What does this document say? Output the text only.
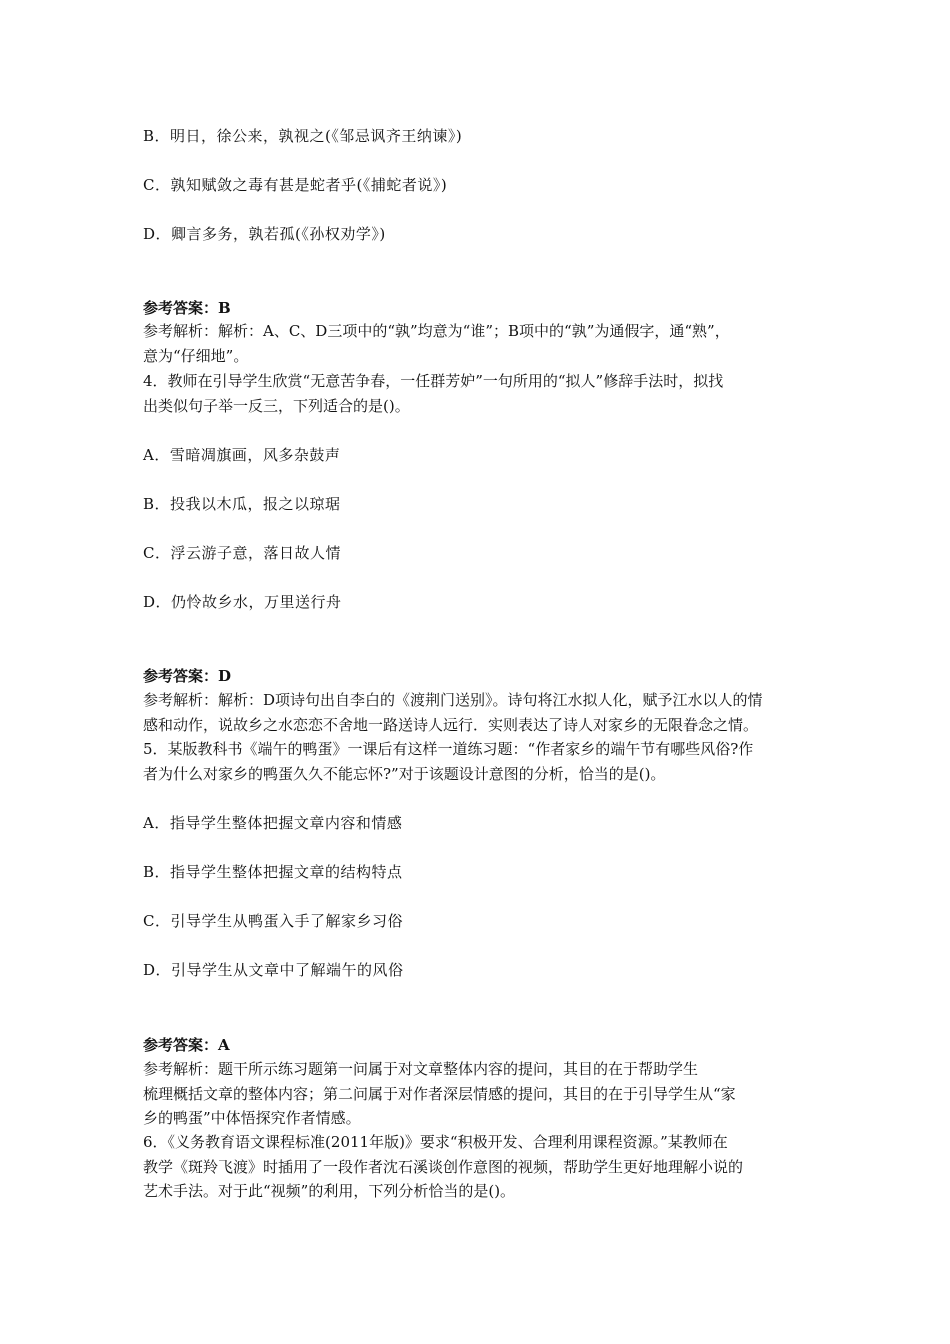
B．明日，徐公来，孰视之(《邹忌讽齐王纳谏》)
C．孰知赋敛之毒有甚是蛇者乎(《捕蛇者说》)
D．卿言多务，孰若孤(《孙权劝学》)
参考答案：B
参考解析：解析：A、C、D三项中的“孰”均意为“谁”；B项中的“孰”为通假字，通“熟”，
意为“仔细地”。
4．教师在引导学生欣赏“无意苦争春，一任群芳妒”一句所用的“拟人”修辞手法时，拟找
出类似句子举一反三，下列适合的是()。
A．雪暗凋旗画，风多杂鼓声
B．投我以木瓜，报之以琼琚
C．浮云游子意，落日故人情
D．仍怜故乡水，万里送行舟
参考答案：D
参考解析：解析：D项诗句出自李白的《渡荆门送别》。诗句将江水拟人化，赋予江水以人的情
感和动作，说故乡之水恋恋不舍地一路送诗人远行．实则表达了诗人对家乡的无限眷念之情。
5．某版教科书《端午的鸭蛋》一课后有这样一道练习题：“作者家乡的端午节有哪些风俗?作
者为什么对家乡的鸭蛋久久不能忘怀?”对于该题设计意图的分析，恰当的是()。
A．指导学生整体把握文章内容和情感
B．指导学生整体把握文章的结构特点
C．引导学生从鸭蛋入手了解家乡习俗
D．引导学生从文章中了解端午的风俗
参考答案：A
参考解析：题干所示练习题第一问属于对文章整体内容的提问，其目的在于帮助学生
梳理概括文章的整体内容；第二问属于对作者深层情感的提问，其目的在于引导学生从“家
乡的鸭蛋”中体悟探究作者情感。
6．《义务教育语文课程标准(2011年版)》要求“积极开发、合理利用课程资源。”某教师在
教学《斑羚飞渡》时插用了一段作者沈石溪谈创作意图的视频，帮助学生更好地理解小说的
艺术手法。对于此“视频”的利用，下列分析恰当的是()。
